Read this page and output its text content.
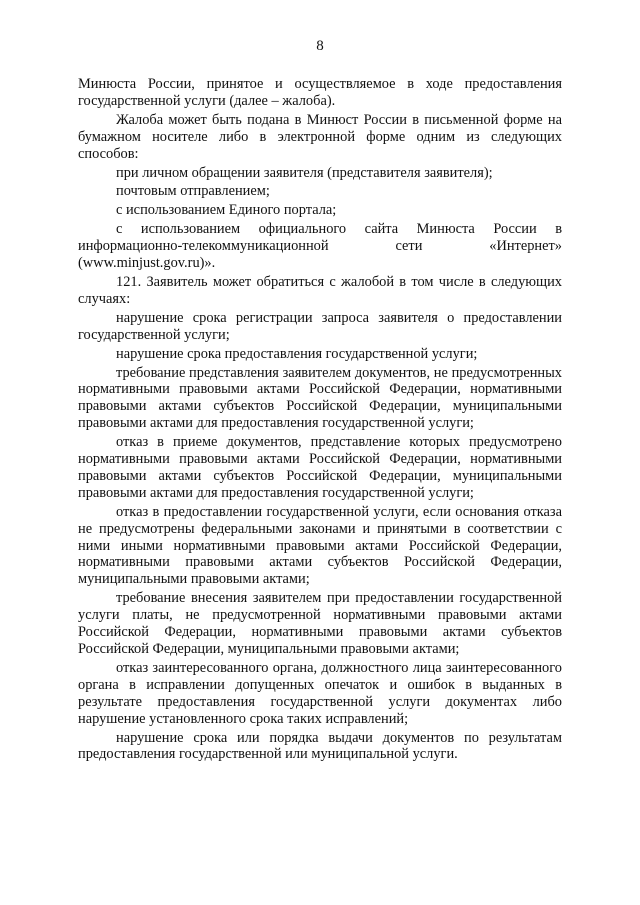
8

Минюста России, принятое и осуществляемое в ходе предоставления государственной услуги (далее – жалоба).

Жалоба может быть подана в Минюст России в письменной форме на бумажном носителе либо в электронной форме одним из следующих способов:

при личном обращении заявителя (представителя заявителя);

почтовым отправлением;

с использованием Единого портала;

с использованием официального сайта Минюста России в информационно-телекоммуникационной сети «Интернет» (www.minjust.gov.ru)».

121. Заявитель может обратиться с жалобой в том числе в следующих случаях:

нарушение срока регистрации запроса заявителя о предоставлении государственной услуги;

нарушение срока предоставления государственной услуги;

требование представления заявителем документов, не предусмотренных нормативными правовыми актами Российской Федерации, нормативными правовыми актами субъектов Российской Федерации, муниципальными правовыми актами для предоставления государственной услуги;

отказ в приеме документов, представление которых предусмотрено нормативными правовыми актами Российской Федерации, нормативными правовыми актами субъектов Российской Федерации, муниципальными правовыми актами для предоставления государственной услуги;

отказ в предоставлении государственной услуги, если основания отказа не предусмотрены федеральными законами и принятыми в соответствии с ними иными нормативными правовыми актами Российской Федерации, нормативными правовыми актами субъектов Российской Федерации, муниципальными правовыми актами;

требование внесения заявителем при предоставлении государственной услуги платы, не предусмотренной нормативными правовыми актами Российской Федерации, нормативными правовыми актами субъектов Российской Федерации, муниципальными правовыми актами;

отказ заинтересованного органа, должностного лица заинтересованного органа в исправлении допущенных опечаток и ошибок в выданных в результате предоставления государственной услуги документах либо нарушение установленного срока таких исправлений;

нарушение срока или порядка выдачи документов по результатам предоставления государственной или муниципальной услуги.
